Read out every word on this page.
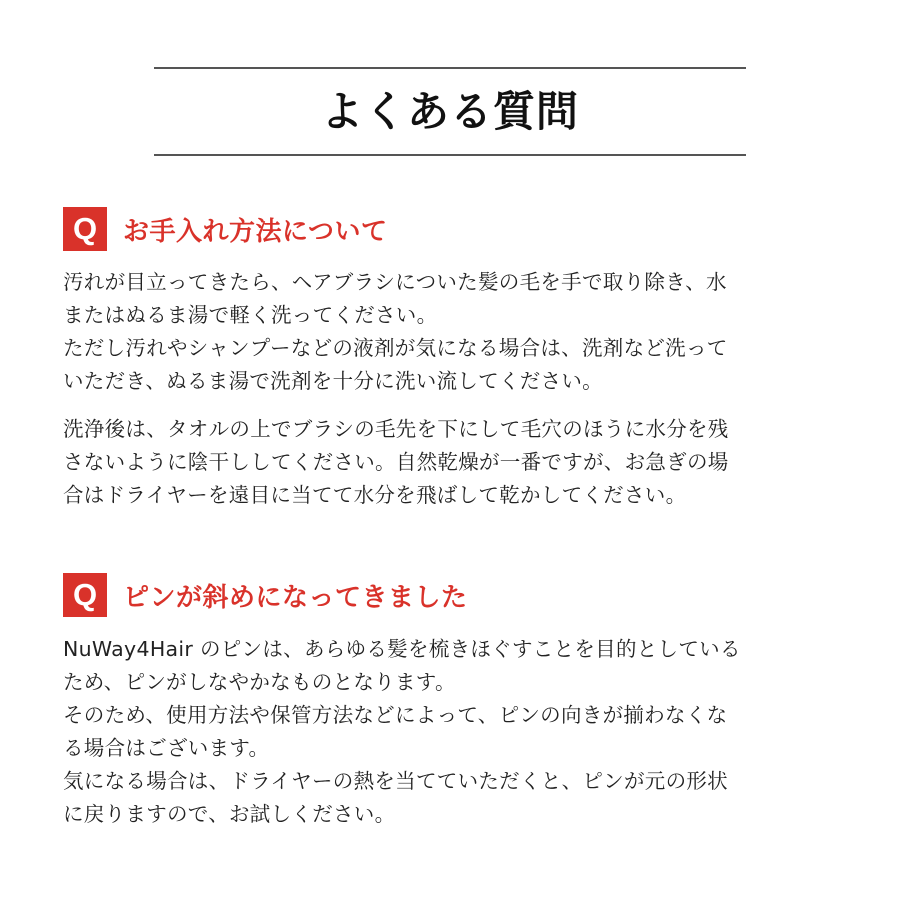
よくある質問
Q お手入れ方法について
汚れが目立ってきたら、ヘアブラシについた髪の毛を手で取り除き、水
またはぬるま湯で軽く洗ってください。
ただし汚れやシャンプーなどの液剤が気になる場合は、洗剤など洗って
いただき、ぬるま湯で洗剤を十分に洗い流してください。
洗浄後は、タオルの上でブラシの毛先を下にして毛穴のほうに水分を残
さないように陰干ししてください。自然乾燥が一番ですが、お急ぎの場
合はドライヤーを遠目に当てて水分を飛ばして乾かしてください。
Q ピンが斜めになってきました
NuWay4Hair のピンは、あらゆる髪を梳きほぐすことを目的としている
ため、ピンがしなやかなものとなります。
そのため、使用方法や保管方法などによって、ピンの向きが揃わなくな
る場合はございます。
気になる場合は、ドライヤーの熱を当てていただくと、ピンが元の形状
に戻りますので、お試しください。
